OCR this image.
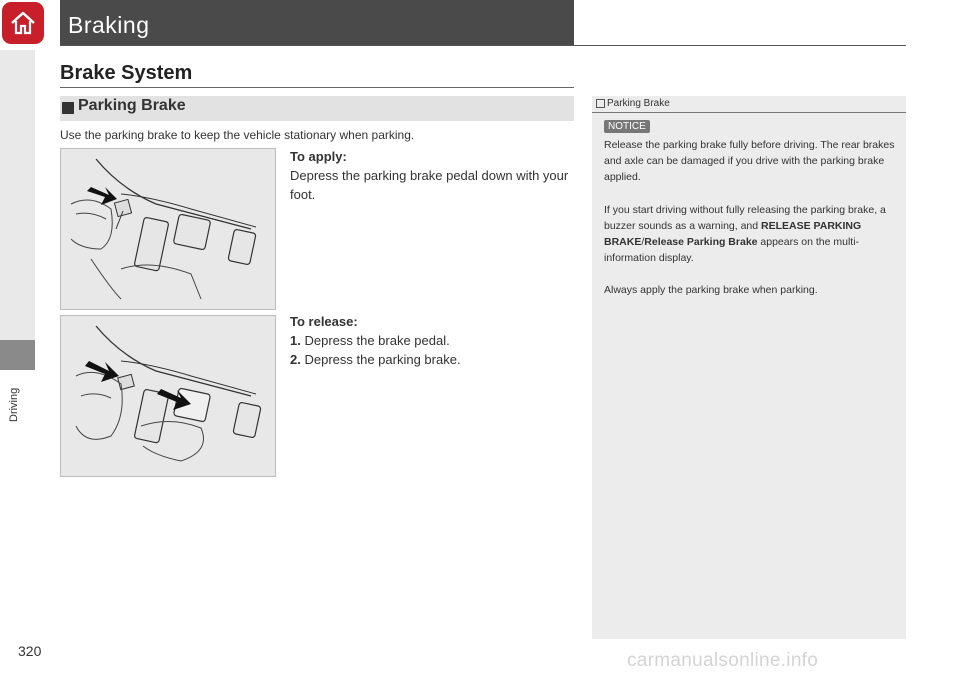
Braking
Driving
Brake System
Parking Brake
Use the parking brake to keep the vehicle stationary when parking.
To apply:
Depress the parking brake pedal down with your foot.
To release:
1. Depress the brake pedal.
2. Depress the parking brake.
Parking Brake
NOTICE
Release the parking brake fully before driving. The rear brakes and axle can be damaged if you drive with the parking brake applied.
If you start driving without fully releasing the parking brake, a buzzer sounds as a warning, and RELEASE PARKING BRAKE/Release Parking Brake appears on the multi-information display.
Always apply the parking brake when parking.
320	carmanualsonline.info
